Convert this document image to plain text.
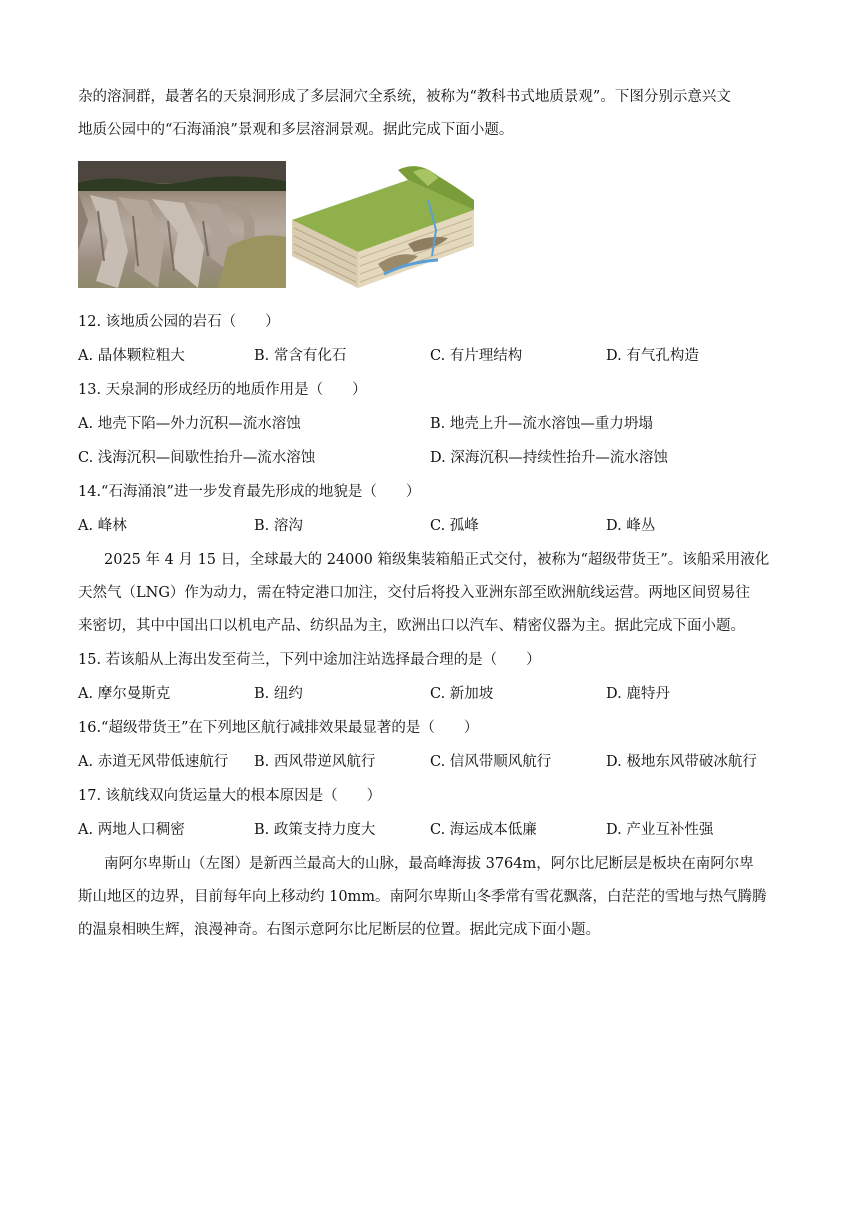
杂的溶洞群，最著名的天泉洞形成了多层洞穴全系统，被称为“教科书式地质景观”。下图分别示意兴文
地质公园中的“石海涌浪”景观和多层溶洞景观。据此完成下面小题。
12. 该地质公园的岩石（　　）
A. 晶体颗粒粗大	B. 常含有化石	C. 有片理结构	D. 有气孔构造
13. 天泉洞的形成经历的地质作用是（　　）
A. 地壳下陷—外力沉积—流水溶蚀	B. 地壳上升—流水溶蚀—重力坍塌
C. 浅海沉积—间歇性抬升—流水溶蚀	D. 深海沉积—持续性抬升—流水溶蚀
14.“石海涌浪”进一步发育最先形成的地貌是（　　）
A. 峰林	B. 溶沟	C. 孤峰	D. 峰丛
2025 年 4 月 15 日，全球最大的 24000 箱级集装箱船正式交付，被称为“超级带货王”。该船采用液化
天然气（LNG）作为动力，需在特定港口加注，交付后将投入亚洲东部至欧洲航线运营。两地区间贸易往
来密切，其中中国出口以机电产品、纺织品为主，欧洲出口以汽车、精密仪器为主。据此完成下面小题。
15. 若该船从上海出发至荷兰，下列中途加注站选择最合理的是（　　）
A. 摩尔曼斯克	B. 纽约	C. 新加坡	D. 鹿特丹
16.“超级带货王”在下列地区航行减排效果最显著的是（　　）
A. 赤道无风带低速航行 B. 西风带逆风航行	C. 信风带顺风航行	D. 极地东风带破冰航行
17. 该航线双向货运量大的根本原因是（　　）
A. 两地人口稠密	B. 政策支持力度大	C. 海运成本低廉	D. 产业互补性强
南阿尔卑斯山（左图）是新西兰最高大的山脉，最高峰海拔 3764m，阿尔比尼断层是板块在南阿尔卑
斯山地区的边界，目前每年向上移动约 10mm。南阿尔卑斯山冬季常有雪花飘落，白茫茫的雪地与热气腾腾
的温泉相映生辉，浪漫神奇。右图示意阿尔比尼断层的位置。据此完成下面小题。
